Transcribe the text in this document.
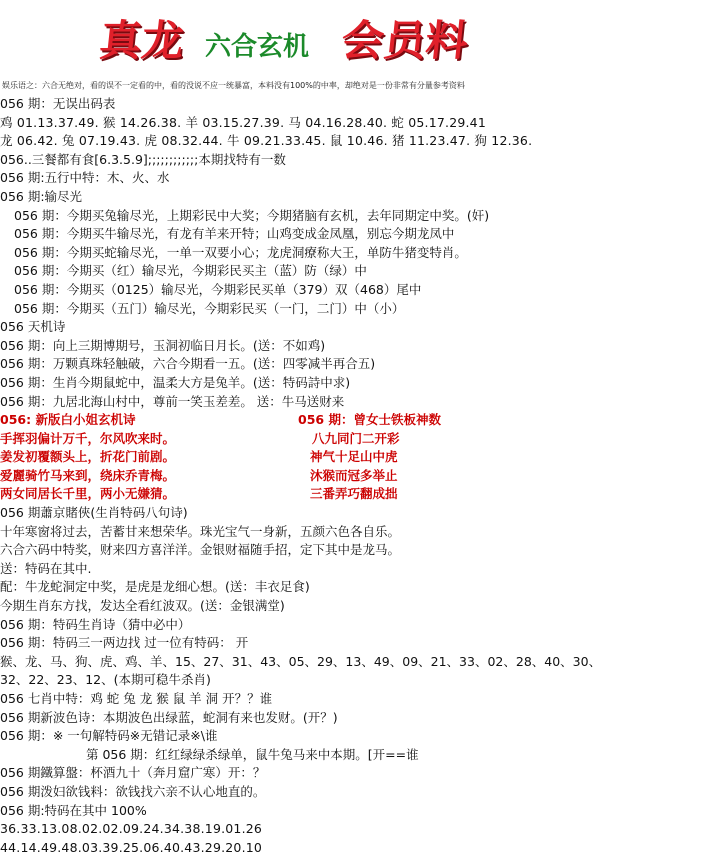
真龙 六合玄机 会员料
娱乐语之：六合无绝对，看的误不一定看的中，看的没说不应一统暴富，本料没有100%的中率，却绝对是一份非常有分量参考资料
056 期：无误出码表
鸡 01.13.37.49. 猴 14.26.38. 羊 03.15.27.39. 马 04.16.28.40. 蛇 05.17.29.41
龙 06.42. 兔 07.19.43. 虎 08.32.44. 牛 09.21.33.45. 鼠 10.46. 猪 11.23.47. 狗 12.36.
056..三餐都有食[6.3.5.9];;;;;;;;;;;;本期找特有一数
056 期:五行中特：木、火、水
056 期:输尽光
056 期：今期买兔输尽光，上期彩民中大奖；今期猪脑有玄机，去年同期定中奖。(奸)
056 期：今期买牛输尽光，有龙有羊来开特；山鸡变成金凤凰，别忘今期龙凤中
056 期：今期买蛇输尽光，一单一双要小心；龙虎洞療称大王，单防牛猪变特肖。
056 期：今期买（红）输尽光，今期彩民买主（蓝）防（绿）中
056 期：今期买（0125）输尽光，今期彩民买单（379）双（468）尾中
056 期：今期买（五门）输尽光，今期彩民买（一门，二门）中（小）
056 天机诗
056 期：向上三期博期号，玉洞初临日月长。(送：不如鸡)
056 期：万颗真珠轻触破，六合今期看一五。(送：四零减半再合五)
056 期：生肖今期鼠蛇中，温柔大方是兔羊。(送：特码詩中求)
056 期：九居北海山村中，尊前一笑玉差差。 送：牛马送财来
056: 新版白小姐玄机诗	056 期：曾女士铁板神数
手挥羽偏计万千，尔风吹来时。	八九同门二开彩
姜发初覆额头上，折花门前剧。	神气十足山中虎
爱麗骑竹马来到，绕床乔青梅。	沐猴而冠多举止
两女同居长千里，两小无嫌猜。	三番弄巧翻成拙
056 期蕭京賭俠(生肖特码八句诗)
十年寒窗将过去，苦蓄甘来想荣华。珠光宝气一身新，五颜六色各自乐。
六合六码中特奖，财来四方喜洋洋。金银财福随手招，定下其中是龙马。
送：特码在其中.
配：牛龙蛇洞定中奖，是虎是龙细心想。(送：丰衣足食)
今期生肖东方找，发达全看红波双。(送：金银满堂)
056 期：特码生肖诗（猜中必中）
056 期：特码三一两边找 过一位有特码： 开
猴、龙、马、狗、虎、鸡、羊、15、27、31、43、05、29、13、49、09、21、33、02、28、40、30、
32、22、23、12、(本期可稳牛杀肖)
056 七肖中特：鸡 蛇 兔 龙 猴 鼠 羊 洞 开？？谁
056 期新波色诗：本期波色出绿蓝，蛇洞有来也发财。(开？)
056 期：※ 一句解特码※无错记录※\谁
第 056 期：红红绿绿杀绿单，鼠牛兔马来中本期。[开==谁
056 期鐵算盤：杯酒九十（奔月窟广寒）开：？
056 期泼妇欲钱料：欲钱找六亲不认心地直的。
056 期:特码在其中 100%
36.33.13.08.02.02.09.24.34.38.19.01.26
44.14.49.48.03.39.25.06.40.43.29.20.10
